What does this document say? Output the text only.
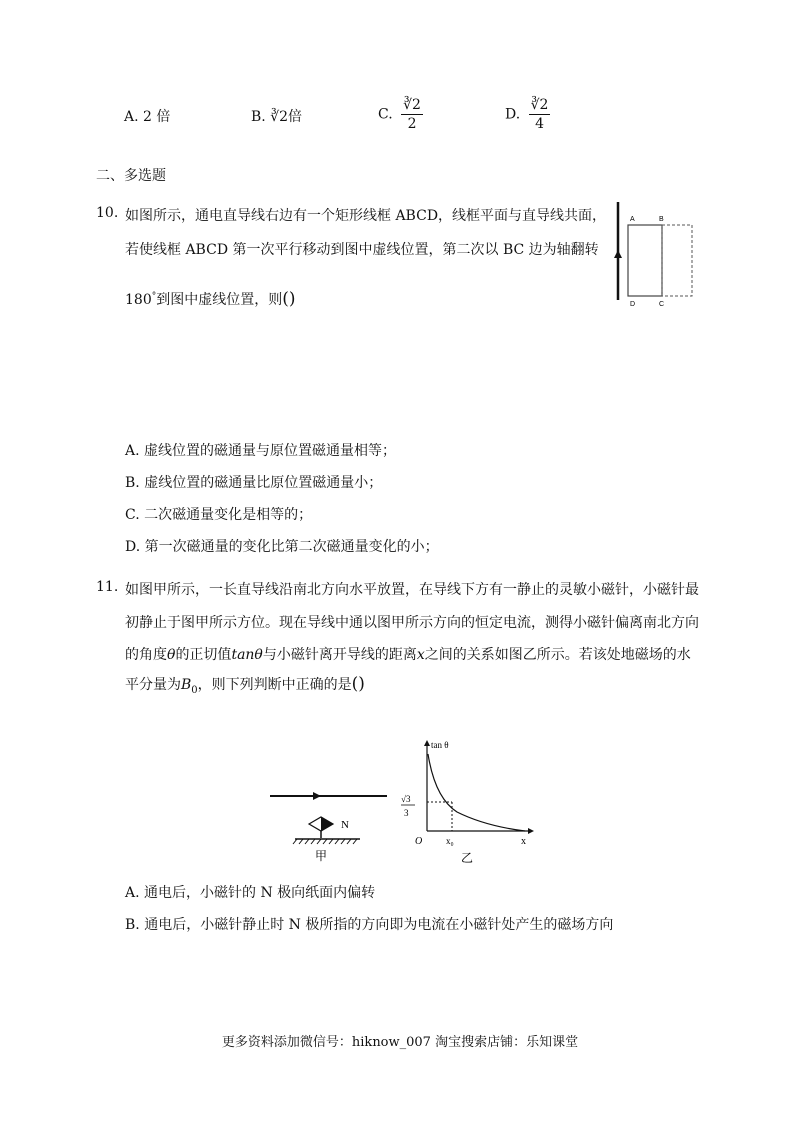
A. 2 倍	B. ∛2倍	C. $\frac{∛2}{2}$	D. $\frac{∛2}{4}$
二、多选题
10. 如图所示，通电直导线右边有一个矩形线框 ABCD，线框平面与直导线共面，
若使线框 ABCD 第一次平行移动到图中虚线位置，第二次以 BC 边为轴翻转
180°到图中虚线位置，则()
A	B
D	C
A. 虚线位置的磁通量与原位置磁通量相等；
B. 虚线位置的磁通量比原位置磁通量小；
C. 二次磁通量变化是相等的；
D. 第一次磁通量的变化比第二次磁通量变化的小；
11. 如图甲所示，一长直导线沿南北方向水平放置，在导线下方有一静止的灵敏小磁针，小磁针最
初静止于图甲所示方位。现在导线中通以图甲所示方向的恒定电流，测得小磁针偏离南北方向
的角度θ的正切值tanθ与小磁针离开导线的距离x之间的关系如图乙所示。若该处地磁场的水
平分量为$B_0$，则下列判断中正确的是()
N
甲
tan θ
√3
3
O	x₀	x
乙
A. 通电后，小磁针的 N 极向纸面内偏转
B. 通电后，小磁针静止时 N 极所指的方向即为电流在小磁针处产生的磁场方向
更多资料添加微信号：hiknow_007 淘宝搜索店铺：乐知课堂
